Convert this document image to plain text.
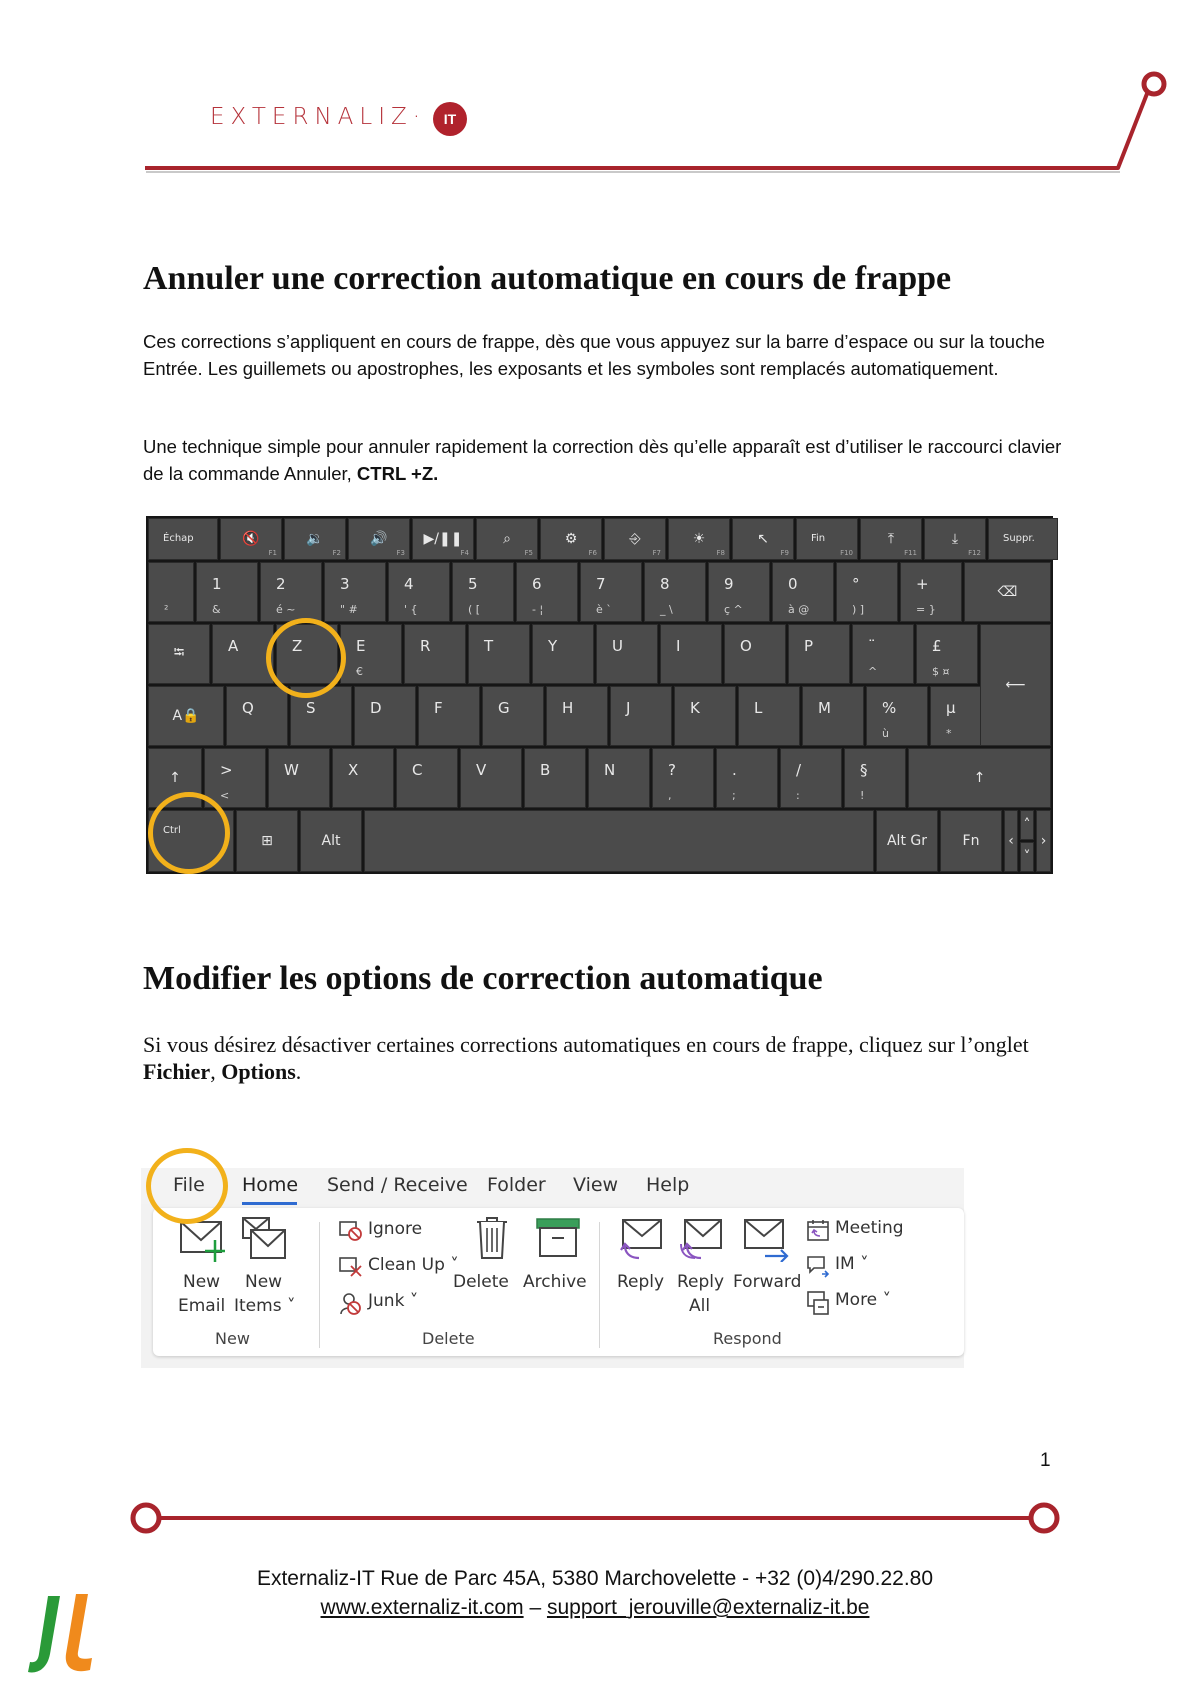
EXTERNALIZ·	IT
Annuler une correction automatique en cours de frappe

Ces corrections s’appliquent en cours de frappe, dès que vous appuyez sur la barre d’espace ou sur la touche Entrée. Les guillemets ou apostrophes, les exposants et les symboles sont remplacés automatiquement.

Une technique simple pour annuler rapidement la correction dès qu’elle apparaît est d’utiliser le raccourci clavier de la commande Annuler, CTRL +Z.

Échap	🔇
F1
🔉
F2
🔊
F3
▶/❚❚
F4
⌕
F5
⚙
F6
⎆
F7
☀
F8
↖
F9
Fin
F10
⤒
F11
⤓
F12
Suppr.
²
1
&
2
é ~
3
" #
4
' {
5
( [
6
- ¦
7
è `
8
_ \
9
ç ^
0
à @
°
) ]
+
= }
⌫
⭾	A	Z	E
€
R	T	Y	U	I	O	P	¨
^
£
$ ¤
A🔒	Q	S	D	F	G	H	J	K	L	M	%
ù
µ
*
⟵
↑	>
<
W	X	C	V	B	N	?
,
.
;
/
:
§
!
↑
Ctrl
⊞	Alt	Alt Gr	Fn	‹
˄
˅
›
Modifier les options de correction automatique

Si vous désirez désactiver certaines corrections automatiques en cours de frappe, cliquez sur l’onglet Fichier, Options.

File Home Send / Receive Folder View Help
New
Email
New
Items ˅
New
Ignore
Clean Up ˅
Junk ˅
Delete Archive
Delete
Reply Reply
All
Forward
Meeting
IM ˅
More ˅
Respond
1
Externaliz-IT Rue de Parc 45A, 5380 Marchovelette - +32 (0)4/290.22.80
www.externaliz-it.com – support_jerouville@externaliz-it.be
